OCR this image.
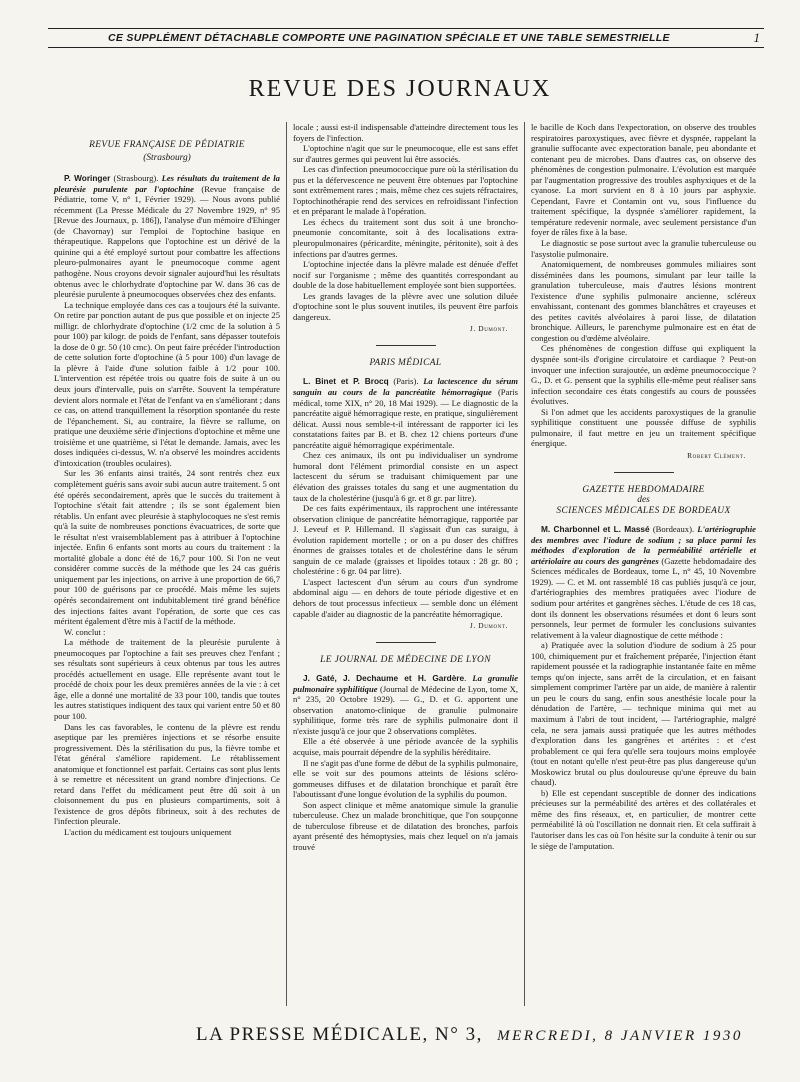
CE SUPPLÉMENT DÉTACHABLE COMPORTE UNE PAGINATION SPÉCIALE ET UNE TABLE SEMESTRIELLE	1
REVUE DES JOURNAUX
REVUE FRANÇAISE DE PÉDIATRIE
(Strasbourg)

P. Woringer (Strasbourg). Les résultats du traitement de la pleurésie purulente par l'optochine (Revue française de Pédiatrie, tome V, n° 1, Février 1929). — Nous avons publié récemment (La Presse Médicale du 27 Novembre 1929, n° 95 [Revue des Journaux, p. 186]), l'analyse d'un mémoire d'Ehinger (de Chavornay) sur l'emploi de l'optochine basique en thérapeutique. Rappelons que l'optochine est un dérivé de la quinine qui a été employé surtout pour combattre les affections pleuro-pulmonaires ayant le pneumocoque comme agent pathogène. Nous croyons devoir signaler aujourd'hui les résultats obtenus avec le chlorhydrate d'optochine par W. dans 36 cas de pleurésie purulente à pneumocoques observées chez des enfants.

La technique employée dans ces cas a toujours été la suivante. On retire par ponction autant de pus que possible et on injecte 25 milligr. de chlorhydrate d'optochine (1/2 cmc de la solution à 5 pour 100) par kilogr. de poids de l'enfant, sans dépasser toutefois la dose de 0 gr. 50 (10 cmc). On peut faire précéder l'introduction de cette solution forte d'optochine (à 5 pour 100) d'un lavage de la plèvre à l'aide d'une solution faible à 1/2 pour 100. L'intervention est répétée trois ou quatre fois de suite à un ou deux jours d'intervalle, puis on s'arrête. Souvent la température devient alors normale et l'état de l'enfant va en s'améliorant ; dans ce cas, on attend tranquillement la résorption spontanée du reste de l'épanchement. Si, au contraire, la fièvre se rallume, on pratique une deuxième série d'injections d'optochine et même une troisième et une quatrième, si l'état le demande. Jamais, avec les doses indiquées ci-dessus, W. n'a observé les moindres accidents d'intoxication (troubles oculaires).

Sur les 36 enfants ainsi traités, 24 sont rentrés chez eux complètement guéris sans avoir subi aucun autre traitement. 5 ont été opérés secondairement, après que le succès du traitement à l'optochine s'était fait attendre ; ils se sont également bien rétablis. Un enfant avec pleurésie à staphylocoques ne s'est remis qu'à la suite de nombreuses ponctions évacuatrices, de sorte que le résultat n'est vraisemblablement pas à attribuer à l'optochine injectée. Enfin 6 enfants sont morts au cours du traitement : la mortalité globale a donc été de 16,7 pour 100. Si l'on ne veut considérer comme succès de la méthode que les 24 cas guéris uniquement par les injections, on arrive à une proportion de 66,7 pour 100 de guérisons par ce procédé. Mais même les sujets opérés secondairement ont indubitablement tiré grand bénéfice des injections faites avant l'opération, de sorte que ces cas méritent également d'être mis à l'actif de la méthode.

W. conclut :

La méthode de traitement de la pleurésie purulente à pneumocoques par l'optochine a fait ses preuves chez l'enfant ; ses résultats sont supérieurs à ceux obtenus par tous les autres procédés actuellement en usage. Elle représente avant tout le procédé de choix pour les deux premières années de la vie : à cet âge, elle a donné une mortalité de 33 pour 100, tandis que toutes les autres statistiques indiquent des taux qui varient entre 50 et 80 pour 100.

Dans les cas favorables, le contenu de la plèvre est rendu aseptique par les premières injections et se résorbe ensuite progressivement. Dès la stérilisation du pus, la fièvre tombe et l'état général s'améliore rapidement. Le rétablissement anatomique et fonctionnel est parfait. Certains cas sont plus lents à se remettre et nécessitent un grand nombre d'injections. Ce retard dans l'effet du médicament peut être dû soit à un cloisonnement du pus en plusieurs compartiments, soit à l'existence de gros dépôts fibrineux, soit à des rechutes de l'infection pleurale.

L'action du médicament est toujours uniquement

locale ; aussi est-il indispensable d'atteindre directement tous les foyers de l'infection.

L'optochine n'agit que sur le pneumocoque, elle est sans effet sur d'autres germes qui peuvent lui être associés.

Les cas d'infection pneumococcique pure où la stérilisation du pus et la défervescence ne peuvent être obtenues par l'optochine sont extrêmement rares ; mais, même chez ces sujets réfractaires, l'optochinothérapie rend des services en refroidissant l'infection et en préparant le malade à l'opération.

Les échecs du traitement sont dus soit à une broncho-pneumonie concomitante, soit à des localisations extra-pleuropulmonaires (péricardite, méningite, péritonite), soit à des infections par d'autres germes.

L'optochine injectée dans la plèvre malade est dénuée d'effet nocif sur l'organisme ; même des quantités correspondant au double de la dose habituellement employée sont bien supportées.

Les grands lavages de la plèvre avec une solution diluée d'optochine sont le plus souvent inutiles, ils peuvent être parfois dangereux.

J. Dumont.
PARIS MÉDICAL

L. Binet et P. Brocq (Paris). La lactescence du sérum sanguin au cours de la pancréatite hémorragique (Paris médical, tome XIX, n° 20, 18 Mai 1929). — Le diagnostic de la pancréatite aiguë hémorragique reste, en pratique, singulièrement délicat. Aussi nous semble-t-il intéressant de rapporter ici les constatations faites par B. et B. chez 12 chiens porteurs d'une pancréatite aiguë hémorragique expérimentale.

Chez ces animaux, ils ont pu individualiser un syndrome humoral dont l'élément primordial consiste en un aspect lactescent du sérum se traduisant chimiquement par une élévation des graisses totales du sang et une augmentation du taux de la cholestérine (jusqu'à 6 gr. et 8 gr. par litre).

De ces faits expérimentaux, ils rapprochent une intéressante observation clinique de pancréatite hémorragique, rapportée par J. Leveuf et P. Hillemand. Il s'agissait d'un cas suraigu, à évolution rapidement mortelle ; or on a pu doser des chiffres énormes de graisses totales et de cholestérine dans le sérum sanguin de ce malade (graisses et lipoïdes totaux : 28 gr. 80 ; cholestérine : 6 gr. 04 par litre).

L'aspect lactescent d'un sérum au cours d'un syndrome abdominal aigu — en dehors de toute période digestive et en dehors de tout processus infectieux — semble donc un élément capable d'aider au diagnostic de la pancréatite hémorragique.

J. Dumont.
LE JOURNAL DE MÉDECINE DE LYON

J. Gaté, J. Dechaume et H. Gardère. La granulie pulmonaire syphilitique (Journal de Médecine de Lyon, tome X, n° 235, 20 Octobre 1929). — G., D. et G. apportent une observation anatomo-clinique de granulie pulmonaire syphilitique, forme très rare de syphilis pulmonaire dont il n'existe jusqu'à ce jour que 2 observations complètes.

Elle a été observée à une période avancée de la syphilis acquise, mais pourrait dépendre de la syphilis héréditaire.

Il ne s'agit pas d'une forme de début de la syphilis pulmonaire, elle se voit sur des poumons atteints de lésions scléro-gommeuses diffuses et de dilatation bronchique et paraît être l'aboutissant d'une longue évolution de la syphilis du poumon.

Son aspect clinique et même anatomique simule la granulie tuberculeuse. Chez un malade bronchitique, que l'on soupçonne de tuberculose fibreuse et de dilatation des bronches, parfois ayant présenté des hémoptysies, mais chez lequel on n'a jamais trouvé

le bacille de Koch dans l'expectoration, on observe des troubles respiratoires paroxystiques, avec fièvre et dyspnée, rappelant la granulie suffocante avec expectoration banale, peu abondante et contenant peu de microbes. Dans d'autres cas, on observe des phénomènes de congestion pulmonaire. L'évolution est marquée par l'augmentation progressive des troubles asphyxiques et de la cyanose. La mort survient en 8 à 10 jours par asphyxie. Cependant, Favre et Contamin ont vu, sous l'influence du traitement spécifique, la dyspnée s'améliorer rapidement, la température redevenir normale, avec seulement persistance d'un foyer de râles fixe à la base.

Le diagnostic se pose surtout avec la granulie tuberculeuse ou l'asystolie pulmonaire.

Anatomiquement, de nombreuses gommules miliaires sont disséminées dans les poumons, simulant par leur taille la granulation tuberculeuse, mais d'autres lésions montrent l'existence d'une syphilis pulmonaire ancienne, scléreux envahissant, contenant des gommes blanchâtres et crayeuses et des petites cavités alvéolaires à paroi lisse, de dilatation bronchique. Ailleurs, le parenchyme pulmonaire est en état de congestion ou d'œdème alvéolaire.

Ces phénomènes de congestion diffuse qui expliquent la dyspnée sont-ils d'origine circulatoire et cardiaque ? Peut-on invoquer une infection surajoutée, un œdème pneumococcique ? G., D. et G. pensent que la syphilis elle-même peut réaliser sans infection secondaire ces états congestifs au cours de poussées évolutives.

Si l'on admet que les accidents paroxystiques de la granulie syphilitique constituent une poussée diffuse de syphilis pulmonaire, il faut mettre en jeu un traitement spécifique énergique.

Robert Clément.
GAZETTE HEBDOMADAIRE
des
SCIENCES MÉDICALES DE BORDEAUX

M. Charbonnel et L. Massé (Bordeaux). L'artériographie des membres avec l'iodure de sodium ; sa place parmi les méthodes d'exploration de la perméabilité artérielle et artériolaire au cours des gangrènes (Gazette hebdomadaire des Sciences médicales de Bordeaux, tome L, n° 45, 10 Novembre 1929). — C. et M. ont rassemblé 18 cas publiés jusqu'à ce jour, d'artériographies des membres pratiquées avec l'iodure de sodium pour artérites et gangrènes sèches. L'étude de ces 18 cas, dont ils donnent les observations résumées et dont 6 leurs sont personnels, leur permet de formuler les conclusions suivantes relativement à la valeur diagnostique de cette méthode :

a) Pratiquée avec la solution d'iodure de sodium à 25 pour 100, chimiquement pur et fraîchement préparée, l'injection étant rapidement poussée et la radiographie instantanée faite en même temps qu'on injecte, sans arrêt de la circulation, et en faisant simplement comprimer l'artère par un aide, de manière à ralentir un peu le cours du sang, enfin sous anesthésie locale pour la dénudation de l'artère, — technique minima qui met au maximum à l'abri de tout incident, — l'artériographie, malgré cela, ne sera jamais aussi pratiquée que les autres méthodes d'exploration dans les gangrènes et artérites : et c'est probablement ce qui fera qu'elle sera toujours moins employée (tout en notant qu'elle n'est peut-être pas plus dangereuse qu'un Moskowicz brutal ou plus douloureuse qu'une épreuve du bain chaud).

b) Elle est cependant susceptible de donner des indications précieuses sur la perméabilité des artères et des collatérales et même des fins réseaux, et, en particulier, de montrer cette perméabilité là où l'oscillation ne donnait rien. Et cela suffirait à l'autoriser dans les cas où l'on hésite sur la conduite à tenir ou sur le siège de l'amputation.

LA PRESSE MÉDICALE, N° 3, MERCREDI, 8 JANVIER 1930
